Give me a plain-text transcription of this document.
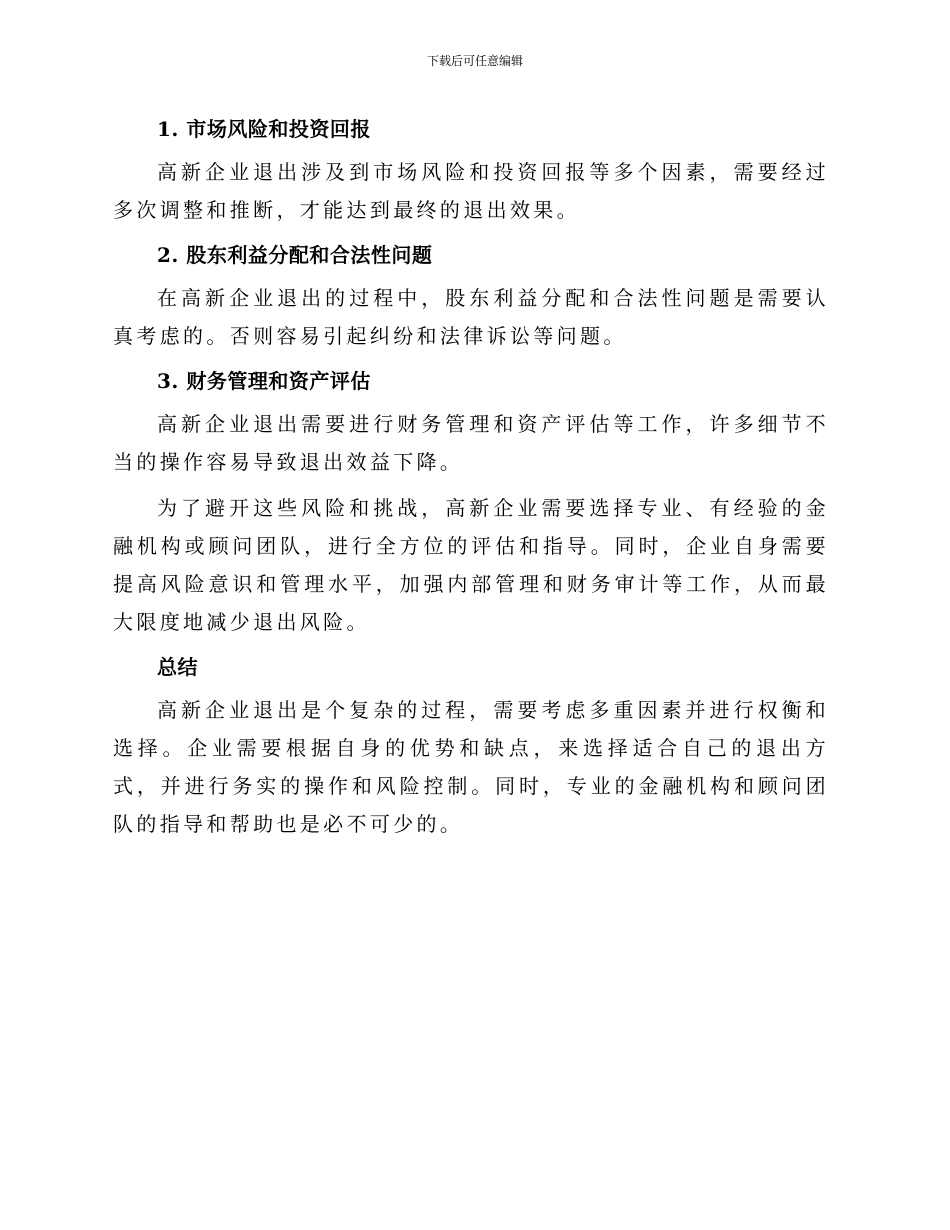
下载后可任意编辑
1. 市场风险和投资回报

高新企业退出涉及到市场风险和投资回报等多个因素，需要经过多次调整和推断，才能达到最终的退出效果。

2. 股东利益分配和合法性问题

在高新企业退出的过程中，股东利益分配和合法性问题是需要认真考虑的。否则容易引起纠纷和法律诉讼等问题。

3. 财务管理和资产评估

高新企业退出需要进行财务管理和资产评估等工作，许多细节不当的操作容易导致退出效益下降。

为了避开这些风险和挑战，高新企业需要选择专业、有经验的金融机构或顾问团队，进行全方位的评估和指导。同时，企业自身需要提高风险意识和管理水平，加强内部管理和财务审计等工作，从而最大限度地减少退出风险。

总结

高新企业退出是个复杂的过程，需要考虑多重因素并进行权衡和选择。企业需要根据自身的优势和缺点，来选择适合自己的退出方式，并进行务实的操作和风险控制。同时，专业的金融机构和顾问团队的指导和帮助也是必不可少的。
